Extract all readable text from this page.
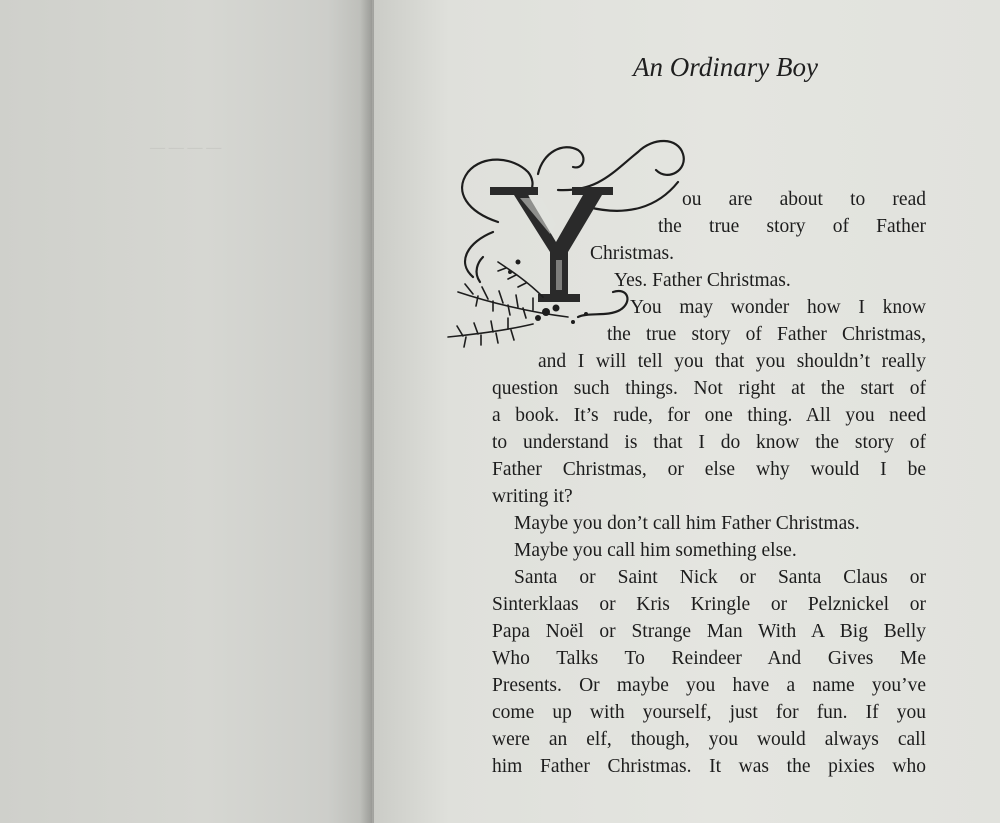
— — — —
An Ordinary Boy
ou are about to read
the true story of Father
Christmas.
Yes. Father Christmas.
You may wonder how I know
the true story of Father Christmas,
and I will tell you that you shouldn’t really
question such things. Not right at the start of
a book. It’s rude, for one thing. All you need
to understand is that I do know the story of
Father Christmas, or else why would I be
writing it?
Maybe you don’t call him Father Christmas.
Maybe you call him something else.
Santa or Saint Nick or Santa Claus or
Sinterklaas or Kris Kringle or Pelznickel or
Papa Noël or Strange Man With A Big Belly
Who Talks To Reindeer And Gives Me
Presents. Or maybe you have a name you’ve
come up with yourself, just for fun. If you
were an elf, though, you would always call
him Father Christmas. It was the pixies who
